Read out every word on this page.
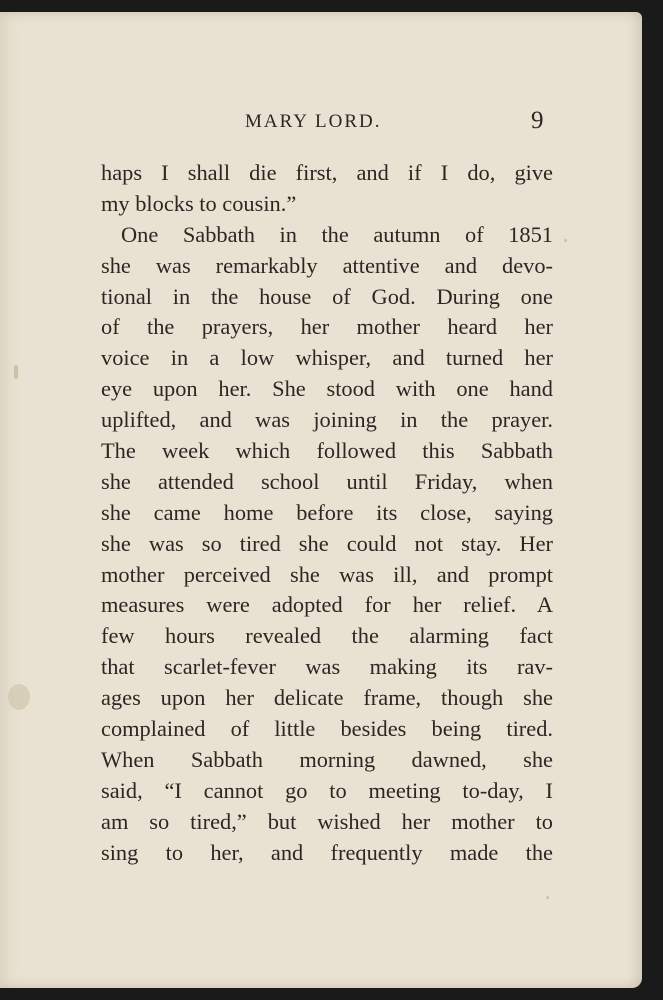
MARY LORD.	9
haps I shall die first, and if I do, give
my blocks to cousin.”
One Sabbath in the autumn of 1851
she was remarkably attentive and devo-
tional in the house of God. During one
of the prayers, her mother heard her
voice in a low whisper, and turned her
eye upon her. She stood with one hand
uplifted, and was joining in the prayer.
The week which followed this Sabbath
she attended school until Friday, when
she came home before its close, saying
she was so tired she could not stay. Her
mother perceived she was ill, and prompt
measures were adopted for her relief. A
few hours revealed the alarming fact
that scarlet-fever was making its rav-
ages upon her delicate frame, though she
complained of little besides being tired.
When Sabbath morning dawned, she
said, “I cannot go to meeting to-day, I
am so tired,” but wished her mother to
sing to her, and frequently made the
